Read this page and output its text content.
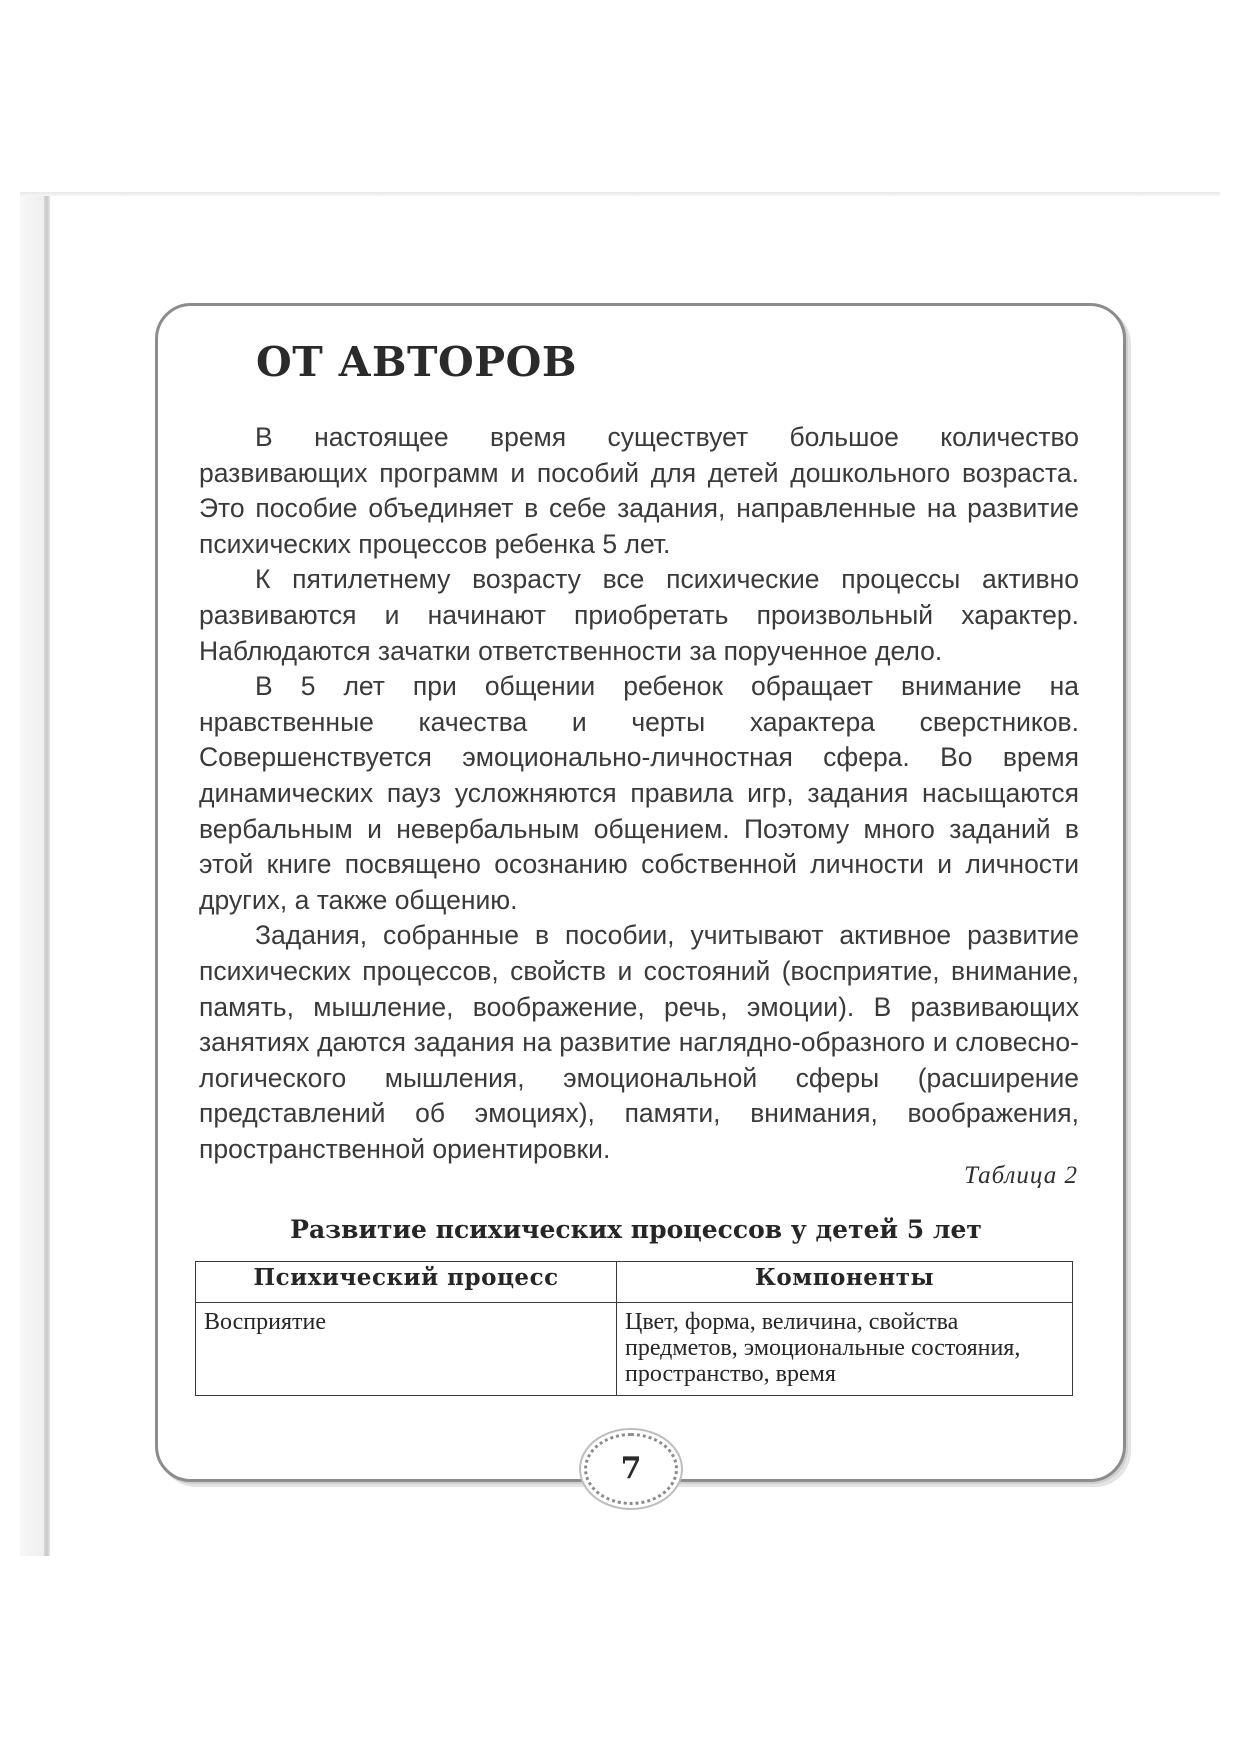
ОТ АВТОРОВ

В настоящее время существует большое количество развивающих программ и пособий для детей дошкольного возраста. Это пособие объединяет в себе задания, направленные на развитие психических процессов ребенка 5 лет.

К пятилетнему возрасту все психические процессы активно развиваются и начинают приобретать произвольный характер. Наблюдаются зачатки ответственности за порученное дело.

В 5 лет при общении ребенок обращает внимание на нравственные качества и черты характера сверстников. Совершенствуется эмоционально-личностная сфера. Во время динамических пауз усложняются правила игр, задания насыщаются вербальным и невербальным общением. Поэтому много заданий в этой книге посвящено осознанию собственной личности и личности других, а также общению.

Задания, собранные в пособии, учитывают активное развитие психических процессов, свойств и состояний (восприятие, внимание, память, мышление, воображение, речь, эмоции). В развивающих занятиях даются задания на развитие наглядно-образного и словесно-логического мышления, эмоциональной сферы (расширение представлений об эмоциях), памяти, внимания, воображения, пространственной ориентировки.

Таблица 2
Развитие психических процессов у детей 5 лет
Психический процесс	Компоненты
Восприятие	Цвет, форма, величина, свойства предметов, эмоциональные состояния, пространство, время
7
